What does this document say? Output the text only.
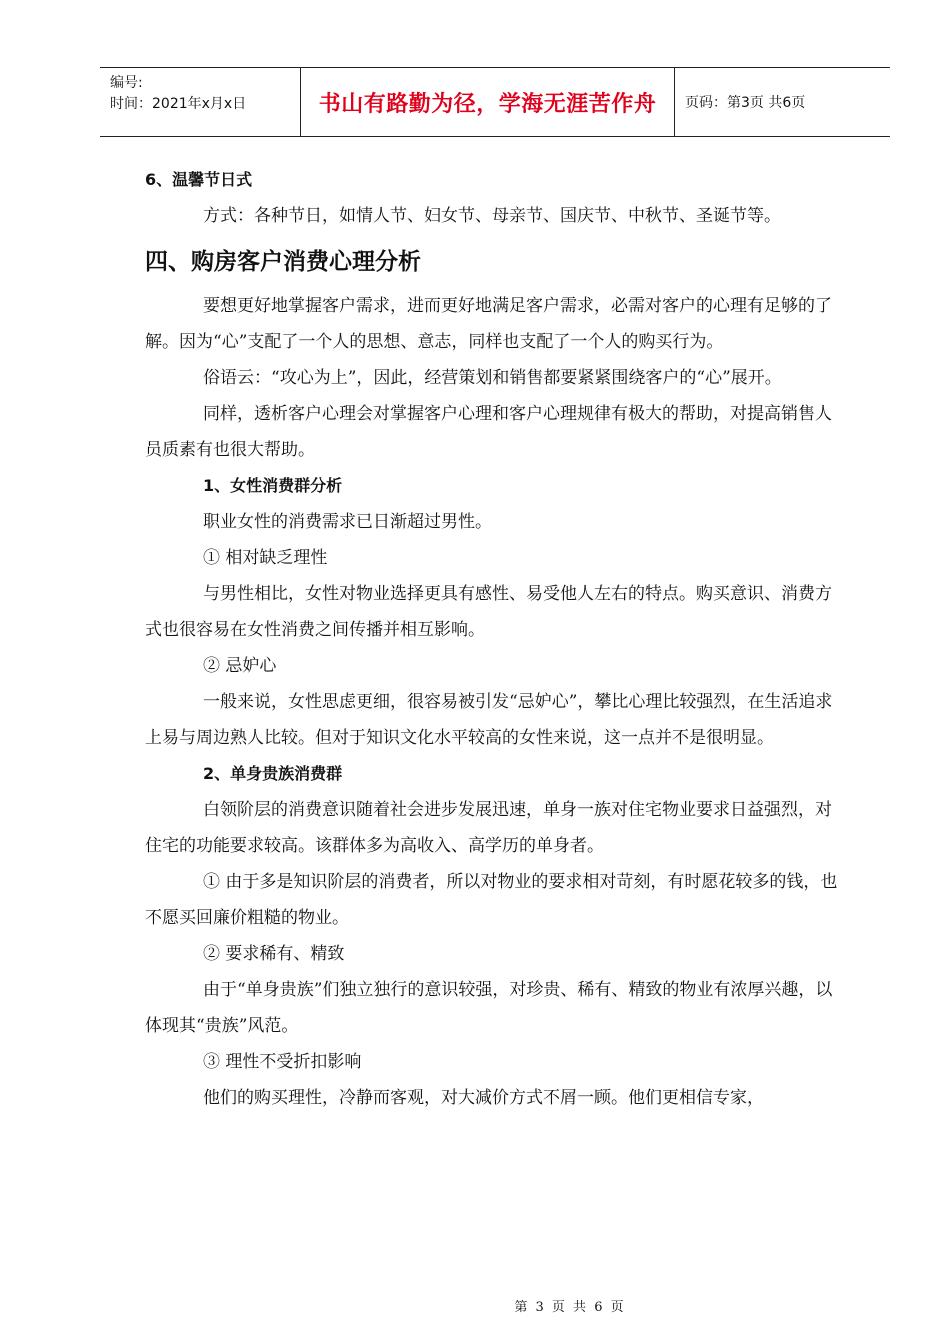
编号:
时间：2021年x月x日	书山有路勤为径，学海无涯苦作舟	页码：第3页 共6页

6、温馨节日式

方式：各种节日，如情人节、妇女节、母亲节、国庆节、中秋节、圣诞节等。

四、购房客户消费心理分析

要想更好地掌握客户需求，进而更好地满足客户需求，必需对客户的心理有足够的了解。因为“心”支配了一个人的思想、意志，同样也支配了一个人的购买行为。

俗语云：“攻心为上”，因此，经营策划和销售都要紧紧围绕客户的“心”展开。

同样，透析客户心理会对掌握客户心理和客户心理规律有极大的帮助，对提高销售人员质素有也很大帮助。

1、女性消费群分析

职业女性的消费需求已日渐超过男性。

① 相对缺乏理性

与男性相比，女性对物业选择更具有感性、易受他人左右的特点。购买意识、消费方式也很容易在女性消费之间传播并相互影响。

② 忌妒心

一般来说，女性思虑更细，很容易被引发“忌妒心”，攀比心理比较强烈，在生活追求上易与周边熟人比较。但对于知识文化水平较高的女性来说，这一点并不是很明显。

2、单身贵族消费群

白领阶层的消费意识随着社会进步发展迅速，单身一族对住宅物业要求日益强烈，对住宅的功能要求较高。该群体多为高收入、高学历的单身者。

① 由于多是知识阶层的消费者，所以对物业的要求相对苛刻，有时愿花较多的钱，也不愿买回廉价粗糙的物业。

② 要求稀有、精致

由于“单身贵族”们独立独行的意识较强，对珍贵、稀有、精致的物业有浓厚兴趣，以体现其“贵族”风范。

③ 理性不受折扣影响

他们的购买理性，冷静而客观，对大减价方式不屑一顾。他们更相信专家，

第 3 页 共 6 页
